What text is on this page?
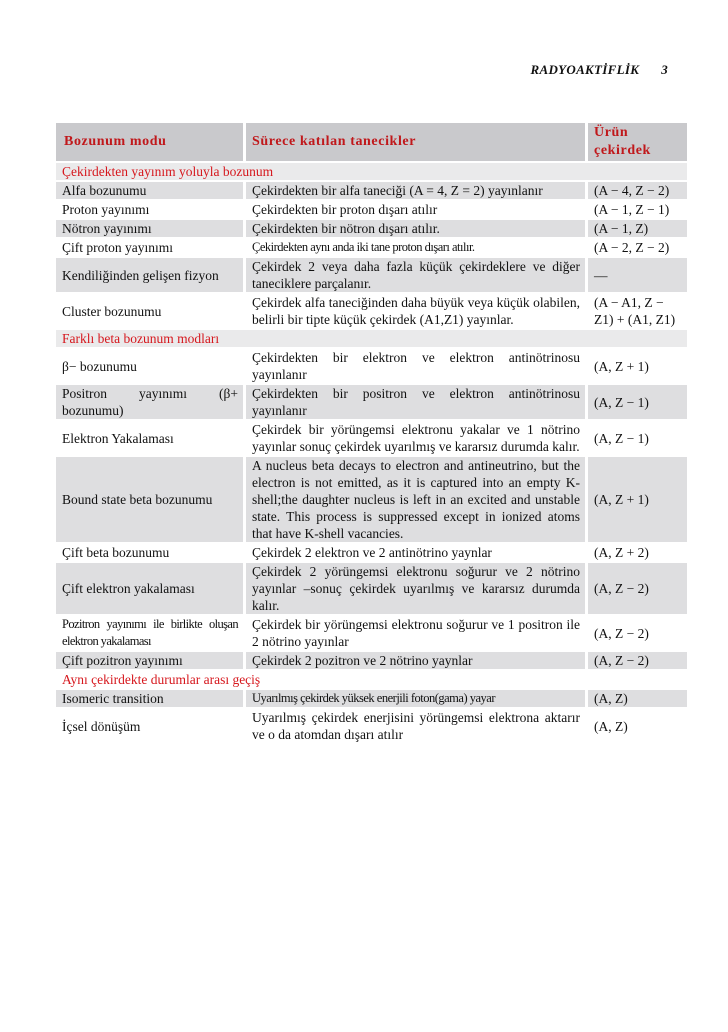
RADYOAKTİFLİK 3
Bozunum modu	Sürece katılan tanecikler	Ürün çekirdek
Çekirdekten yayınım yoluyla bozunum		
Alfa bozunumu	Çekirdekten bir alfa taneciği (A = 4, Z = 2) yayınlanır	(A − 4, Z − 2)
Proton yayınımı	Çekirdekten bir proton dışarı atılır	(A − 1, Z − 1)
Nötron yayınımı	Çekirdekten bir nötron dışarı atılır.	(A − 1, Z)
Çift proton yayınımı	Çekirdekten aynı anda iki tane proton dışarı atılır.	(A − 2, Z − 2)
Kendiliğinden gelişen fizyon	Çekirdek 2 veya daha fazla küçük çekirdeklere ve diğer taneciklere parçalanır.	—
Cluster bozunumu	Çekirdek alfa taneciğinden daha büyük veya küçük olabilen, belirli bir tipte küçük çekirdek (A1,Z1) yayınlar.	(A − A1, Z − Z1) + (A1, Z1)
Farklı beta bozunum modları		
β− bozunumu	Çekirdekten bir elektron ve elektron antinötrinosu yayınlanır	(A, Z + 1)
Positron yayınımı (β+ bozunumu)	Çekirdekten bir positron ve elektron antinötrinosu yayınlanır	(A, Z − 1)
Elektron Yakalaması	Çekirdek bir yörüngemsi elektronu yakalar ve 1 nötrino yayınlar sonuç çekirdek uyarılmış ve kararsız durumda kalır.	(A, Z − 1)
Bound state beta bozunumu	A nucleus beta decays to electron and antineutrino, but the electron is not emitted, as it is captured into an empty K-shell;the daughter nucleus is left in an excited and unstable state. This process is suppressed except in ionized atoms that have K-shell vacancies.	(A, Z + 1)
Çift beta bozunumu	Çekirdek 2 elektron ve 2 antinötrino yaynlar	(A, Z + 2)
Çift elektron yakalaması	Çekirdek 2 yörüngemsi elektronu soğurur ve 2 nötrino yayınlar –sonuç çekirdek uyarılmış ve kararsız durumda kalır.	(A, Z − 2)
Pozitron yayınımı ile birlikte oluşan elektron yakalaması	Çekirdek bir yörüngemsi elektronu soğurur ve 1 positron ile 2 nötrino yayınlar	(A, Z − 2)
Çift pozitron yayınımı	Çekirdek 2 pozitron ve 2 nötrino yaynlar	(A, Z − 2)
Aynı çekirdekte durumlar arası geçiş		
Isomeric transition	Uyarılmış çekirdek yüksek enerjili foton(gama) yayar	(A, Z)
İçsel dönüşüm	Uyarılmış çekirdek enerjisini yörüngemsi elektrona aktarır ve o da atomdan dışarı atılır	(A, Z)
